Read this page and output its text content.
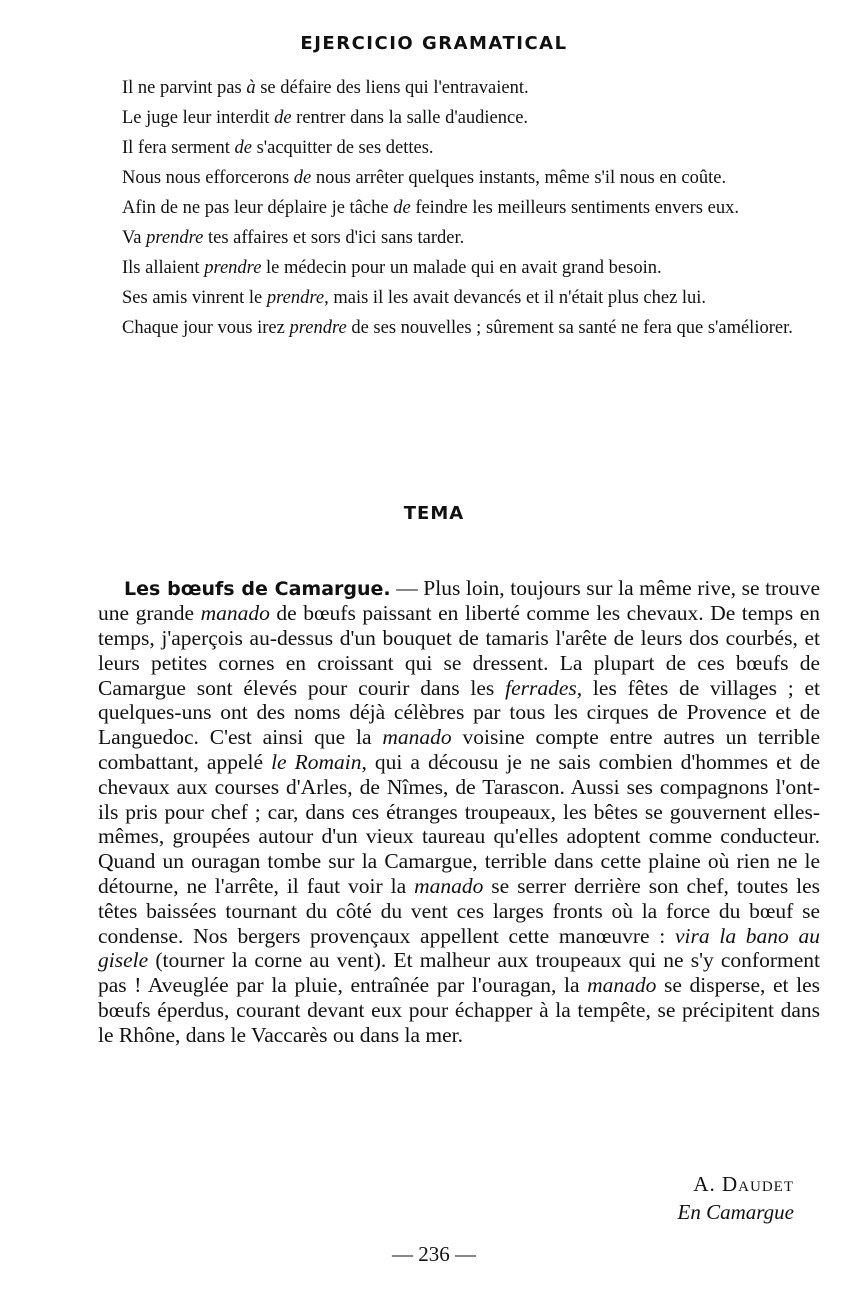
EJERCICIO GRAMATICAL

Il ne parvint pas à se défaire des liens qui l'entravaient.

Le juge leur interdit de rentrer dans la salle d'audience.

Il fera serment de s'acquitter de ses dettes.

Nous nous efforcerons de nous arrêter quelques instants, même s'il nous en coûte.

Afin de ne pas leur déplaire je tâche de feindre les meilleurs sentiments envers eux.

Va prendre tes affaires et sors d'ici sans tarder.

Ils allaient prendre le médecin pour un malade qui en avait grand besoin.

Ses amis vinrent le prendre, mais il les avait devancés et il n'était plus chez lui.

Chaque jour vous irez prendre de ses nouvelles ; sûrement sa santé ne fera que s'améliorer.

TEMA

Les bœufs de Camargue. — Plus loin, toujours sur la même rive, se trouve une grande manado de bœufs paissant en liberté comme les chevaux. De temps en temps, j'aperçois au-dessus d'un bouquet de tamaris l'arête de leurs dos courbés, et leurs petites cornes en croissant qui se dressent. La plupart de ces bœufs de Camargue sont élevés pour courir dans les ferrades, les fêtes de villages ; et quelques-uns ont des noms déjà célèbres par tous les cirques de Provence et de Languedoc. C'est ainsi que la manado voisine compte entre autres un terrible combattant, appelé le Romain, qui a décousu je ne sais combien d'hommes et de chevaux aux courses d'Arles, de Nîmes, de Tarascon. Aussi ses compagnons l'ont-ils pris pour chef ; car, dans ces étranges troupeaux, les bêtes se gouvernent elles-mêmes, groupées autour d'un vieux taureau qu'elles adoptent comme conducteur. Quand un ouragan tombe sur la Camargue, terrible dans cette plaine où rien ne le détourne, ne l'arrête, il faut voir la manado se serrer derrière son chef, toutes les têtes baissées tournant du côté du vent ces larges fronts où la force du bœuf se condense. Nos bergers provençaux appellent cette manœuvre : vira la bano au gisele (tourner la corne au vent). Et malheur aux troupeaux qui ne s'y conforment pas ! Aveuglée par la pluie, entraînée par l'ouragan, la manado se disperse, et les bœufs éperdus, courant devant eux pour échapper à la tempête, se précipitent dans le Rhône, dans le Vaccarès ou dans la mer.

A. Daudet
En Camargue
— 236 —
